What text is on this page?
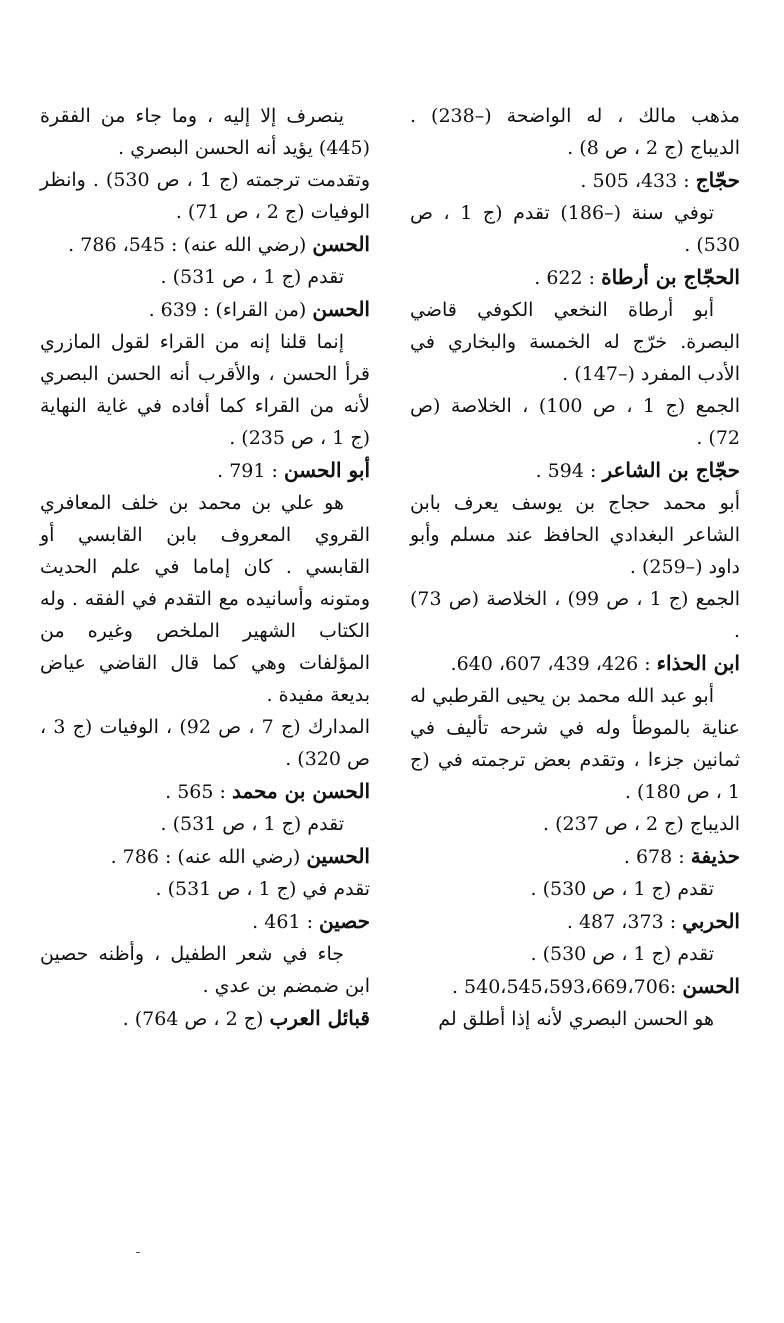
مذهب مالك ، له الواضحة (–238) . الديباج (ج 2 ، ص 8) .

حجّاج : 433، 505 .

توفي سنة (–186) تقدم (ج 1 ، ص 530) .

الحجّاج بن أرطاة : 622 .

أبو أرطاة النخعي الكوفي قاضي البصرة. خرّج له الخمسة والبخاري في الأدب المفرد (–147) .

الجمع (ج 1 ، ص 100) ، الخلاصة (ص 72) .

حجّاج بن الشاعر : 594 .

أبو محمد حجاج بن يوسف يعرف بابن الشاعر البغدادي الحافظ عند مسلم وأبو داود (–259) .

الجمع (ج 1 ، ص 99) ، الخلاصة (ص 73) .

ابن الحذاء : 426، 439، 607، 640.

أبو عبد الله محمد بن يحيى القرطبي له عناية بالموطأ وله في شرحه تأليف في ثمانين جزءا ، وتقدم بعض ترجمته في (ج 1 ، ص 180) .

الديباج (ج 2 ، ص 237) .

حذيفة : 678 .

تقدم (ج 1 ، ص 530) .

الحربي : 373، 487 .

تقدم (ج 1 ، ص 530) .

الحسن :540،545،593،669،706 .

هو الحسن البصري لأنه إذا أطلق لم

ينصرف إلا إليه ، وما جاء من الفقرة (445) يؤيد أنه الحسن البصري .

وتقدمت ترجمته (ج 1 ، ص 530) . وانظر الوفيات (ج 2 ، ص 71) .

الحسن (رضي الله عنه) : 545، 786 .

تقدم (ج 1 ، ص 531) .

الحسن (من القراء) : 639 .

إنما قلنا إنه من القراء لقول المازري قرأ الحسن ، والأقرب أنه الحسن البصري لأنه من القراء كما أفاده في غاية النهاية (ج 1 ، ص 235) .

أبو الحسن : 791 .

هو علي بن محمد بن خلف المعافري القروي المعروف بابن القابسي أو القابسي . كان إماما في علم الحديث ومتونه وأسانيده مع التقدم في الفقه . وله الكتاب الشهير الملخص وغيره من المؤلفات وهي كما قال القاضي عياض بديعة مفيدة .

المدارك (ج 7 ، ص 92) ، الوفيات (ج 3 ، ص 320) .

الحسن بن محمد : 565 .

تقدم (ج 1 ، ص 531) .

الحسين (رضي الله عنه) : 786 .

تقدم في (ج 1 ، ص 531) .

حصين : 461 .

جاء في شعر الطفيل ، وأظنه حصين ابن ضمضم بن عدي .

قبائل العرب (ج 2 ، ص 764) .
